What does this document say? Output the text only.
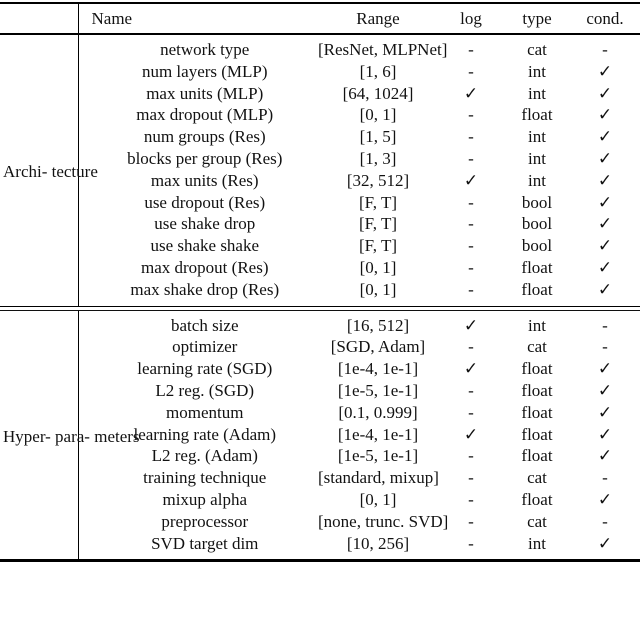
	Name	Range	log	type	cond.
Archi- tecture	network type	[ResNet, MLPNet]	-	cat	-
	num layers (MLP)	[1, 6]	-	int	✓
	max units (MLP)	[64, 1024]	✓	int	✓
	max dropout (MLP)	[0, 1]	-	float	✓
	num groups (Res)	[1, 5]	-	int	✓
	blocks per group (Res)	[1, 3]	-	int	✓
	max units (Res)	[32, 512]	✓	int	✓
	use dropout (Res)	[F, T]	-	bool	✓
	use shake drop	[F, T]	-	bool	✓
	use shake shake	[F, T]	-	bool	✓
	max dropout (Res)	[0, 1]	-	float	✓
	max shake drop (Res)	[0, 1]	-	float	✓

Hyper- para- meters	batch size	[16, 512]	✓	int	-
	optimizer	[SGD, Adam]	-	cat	-
	learning rate (SGD)	[1e-4, 1e-1]	✓	float	✓
	L2 reg. (SGD)	[1e-5, 1e-1]	-	float	✓
	momentum	[0.1, 0.999]	-	float	✓
	learning rate (Adam)	[1e-4, 1e-1]	✓	float	✓
	L2 reg. (Adam)	[1e-5, 1e-1]	-	float	✓
	training technique	[standard, mixup]	-	cat	-
	mixup alpha	[0, 1]	-	float	✓
	preprocessor	[none, trunc. SVD]	-	cat	-
	SVD target dim	[10, 256]	-	int	✓
